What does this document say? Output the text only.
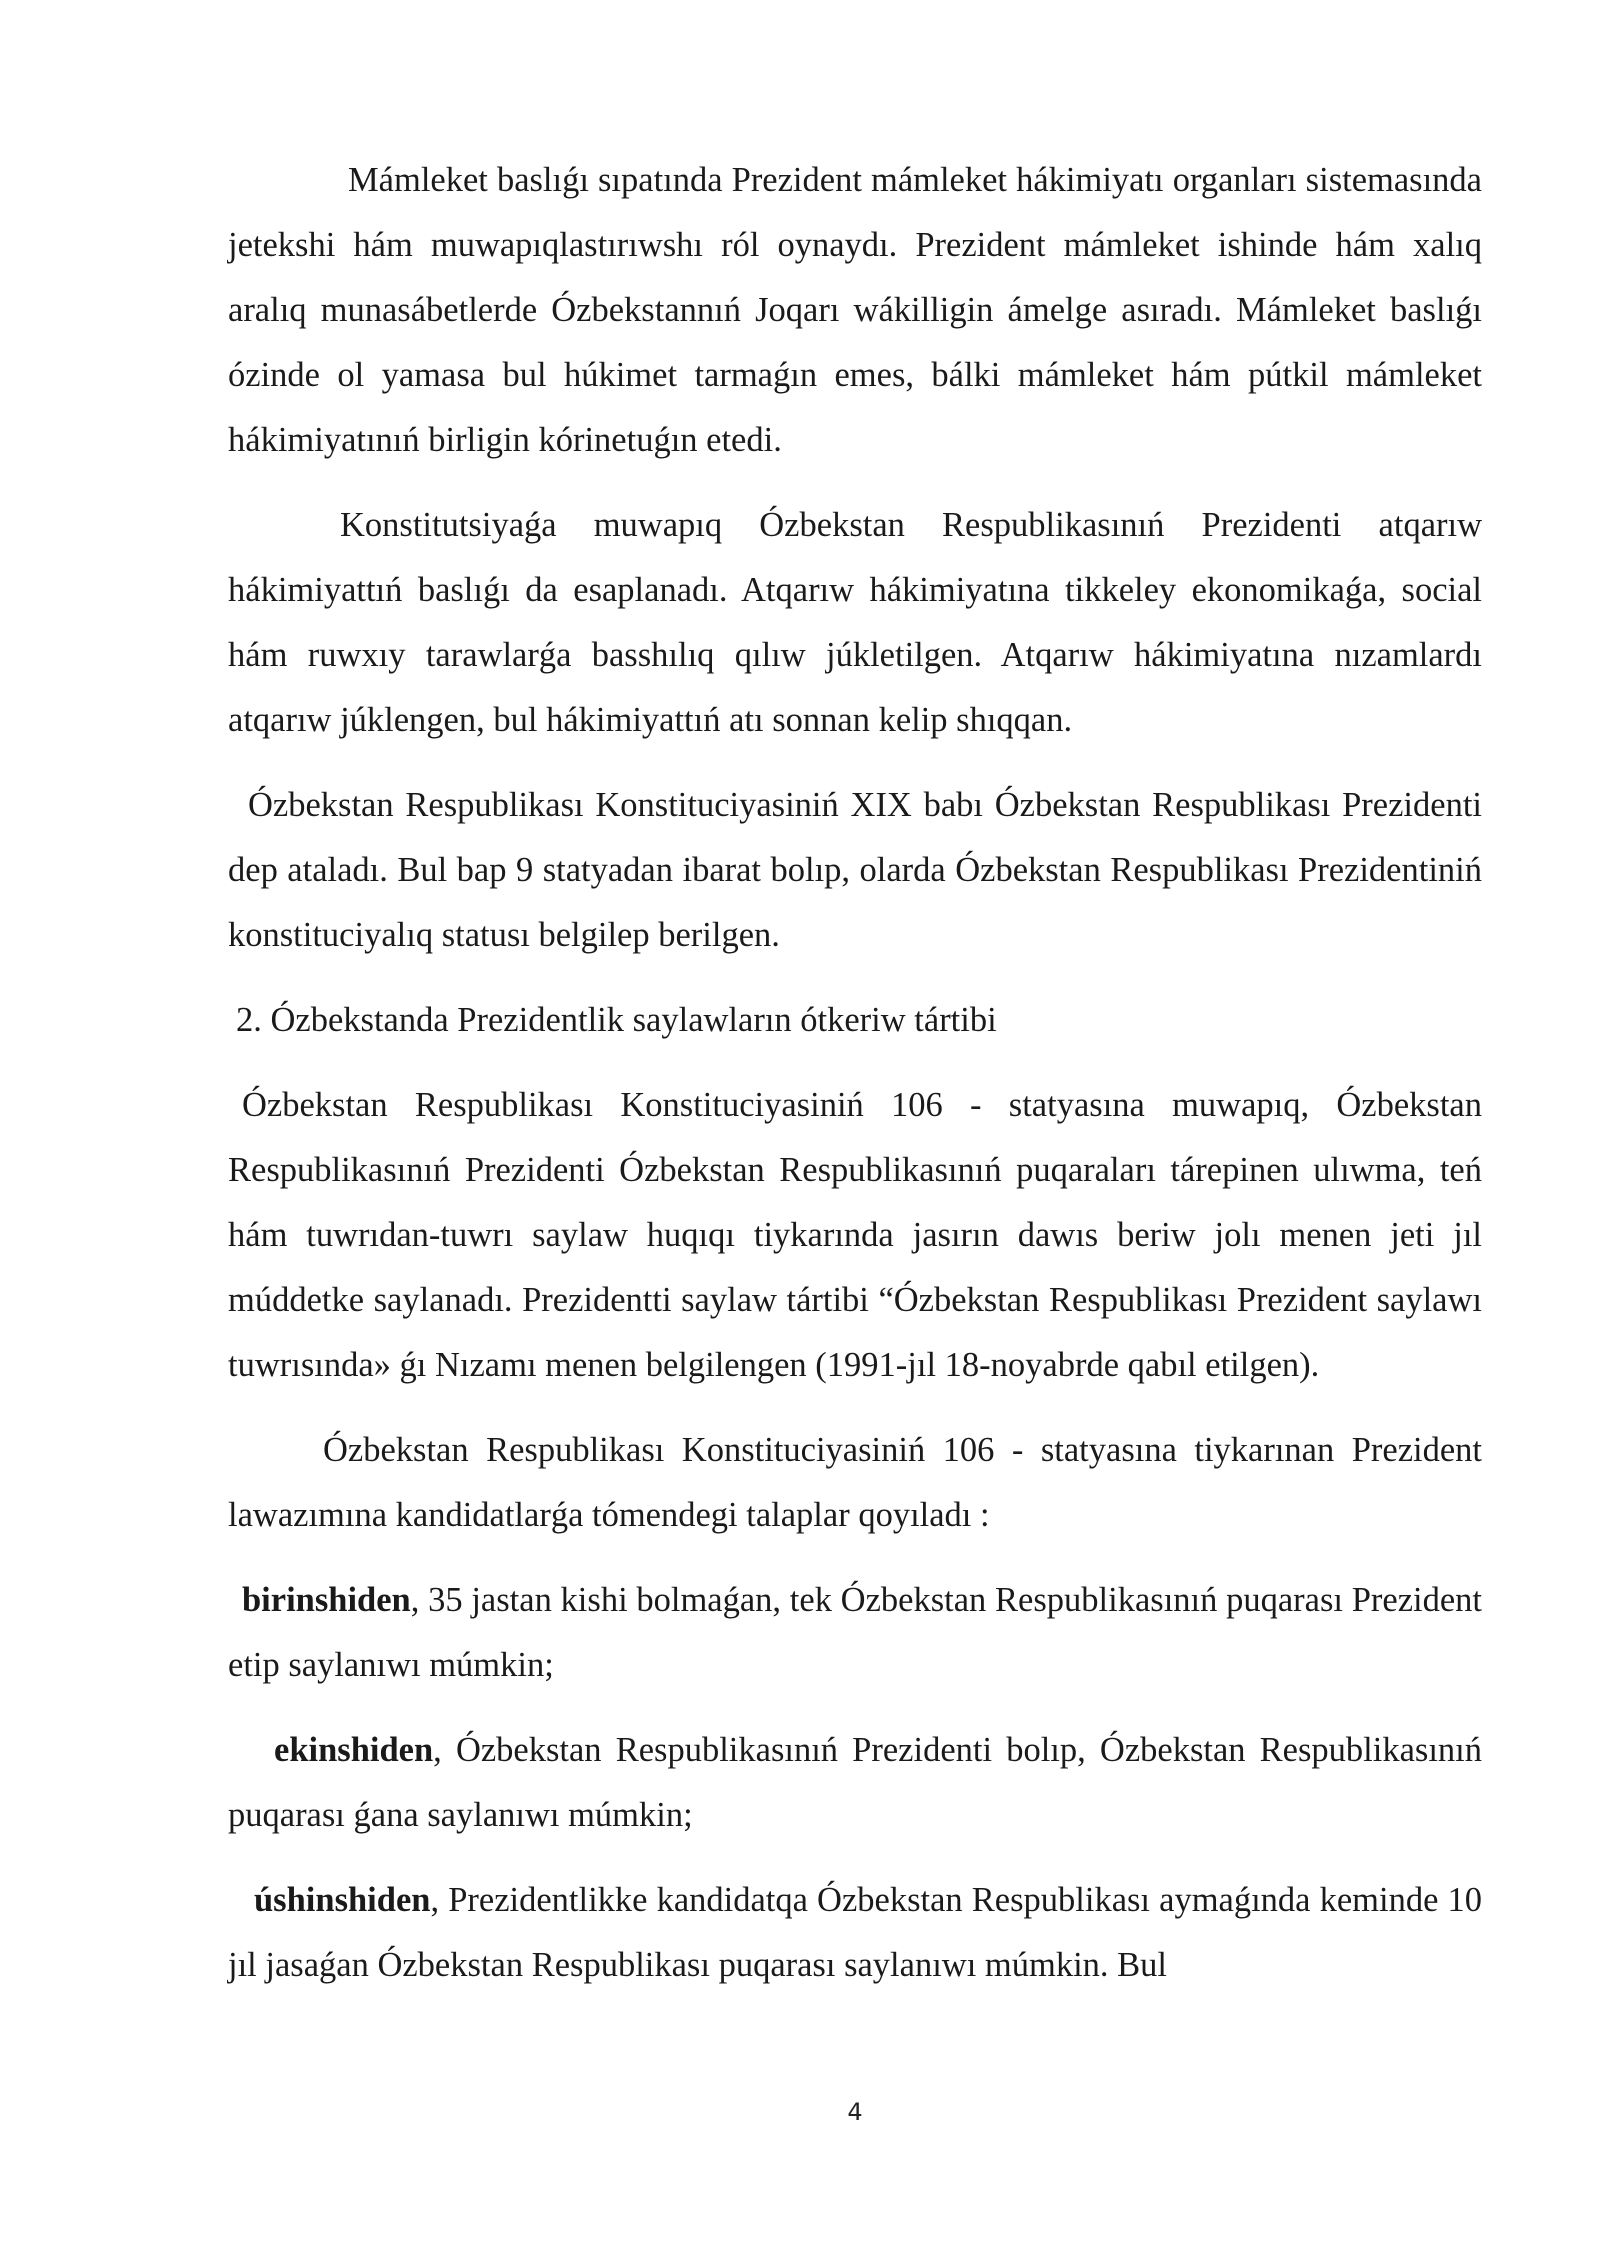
Mámleket baslıǵı sıpatında Prezident mámleket hákimiyatı organları sistemasında jetekshi hám muwapıqlastırıwshı ról oynaydı. Prezident mámleket ishinde hám xalıq aralıq munasábetlerde Ózbekstannıń Joqarı wákilligin ámelge asıradı. Mámleket baslıǵı ózinde ol yamasa bul húkimet tarmaǵın emes, bálki mámleket hám pútkil mámleket hákimiyatınıń birligin kórinetuǵın etedi.

Konstitutsiyaǵa muwapıq Ózbekstan Respublikasınıń Prezidenti atqarıw hákimiyattıń baslıǵı da esaplanadı. Atqarıw hákimiyatına tikkeley ekonomikaǵa, social hám ruwxıy tarawlarǵa basshılıq qılıw júkletilgen. Atqarıw hákimiyatına nızamlardı atqarıw júklengen, bul hákimiyattıń atı sonnan kelip shıqqan.

Ózbekstan Respublikası Konstituciyasiniń XIX babı Ózbekstan Respublikası Prezidenti dep ataladı. Bul bap 9 statyadan ibarat bolıp, olarda Ózbekstan Respublikası Prezidentiniń konstituciyalıq statusı belgilep berilgen.

2. Ózbekstanda Prezidentlik saylawların ótkeriw tártibi

Ózbekstan Respublikası Konstituciyasiniń 106 - statyasına muwapıq, Ózbekstan Respublikasınıń Prezidenti Ózbekstan Respublikasınıń puqaraları tárepinen ulıwma, teń hám tuwrıdan-tuwrı saylaw huqıqı tiykarında jasırın dawıs beriw jolı menen jeti jıl múddetke saylanadı. Prezidentti saylaw tártibi “Ózbekstan Respublikası Prezident saylawı tuwrısında» ǵı Nızamı menen belgilengen (1991-jıl 18-noyabrde qabıl etilgen).

Ózbekstan Respublikası Konstituciyasiniń 106 - statyasına tiykarınan Prezident lawazımına kandidatlarǵa tómendegi talaplar qoyıladı :

birinshiden, 35 jastan kishi bolmaǵan, tek Ózbekstan Respublikasınıń puqarası Prezident etip saylanıwı múmkin;

ekinshiden, Ózbekstan Respublikasınıń Prezidenti bolıp, Ózbekstan Respublikasınıń puqarası ǵana saylanıwı múmkin;

úshinshiden, Prezidentlikke kandidatqa Ózbekstan Respublikası aymaǵında keminde 10 jıl jasaǵan Ózbekstan Respublikası puqarası saylanıwı múmkin. Bul

4
